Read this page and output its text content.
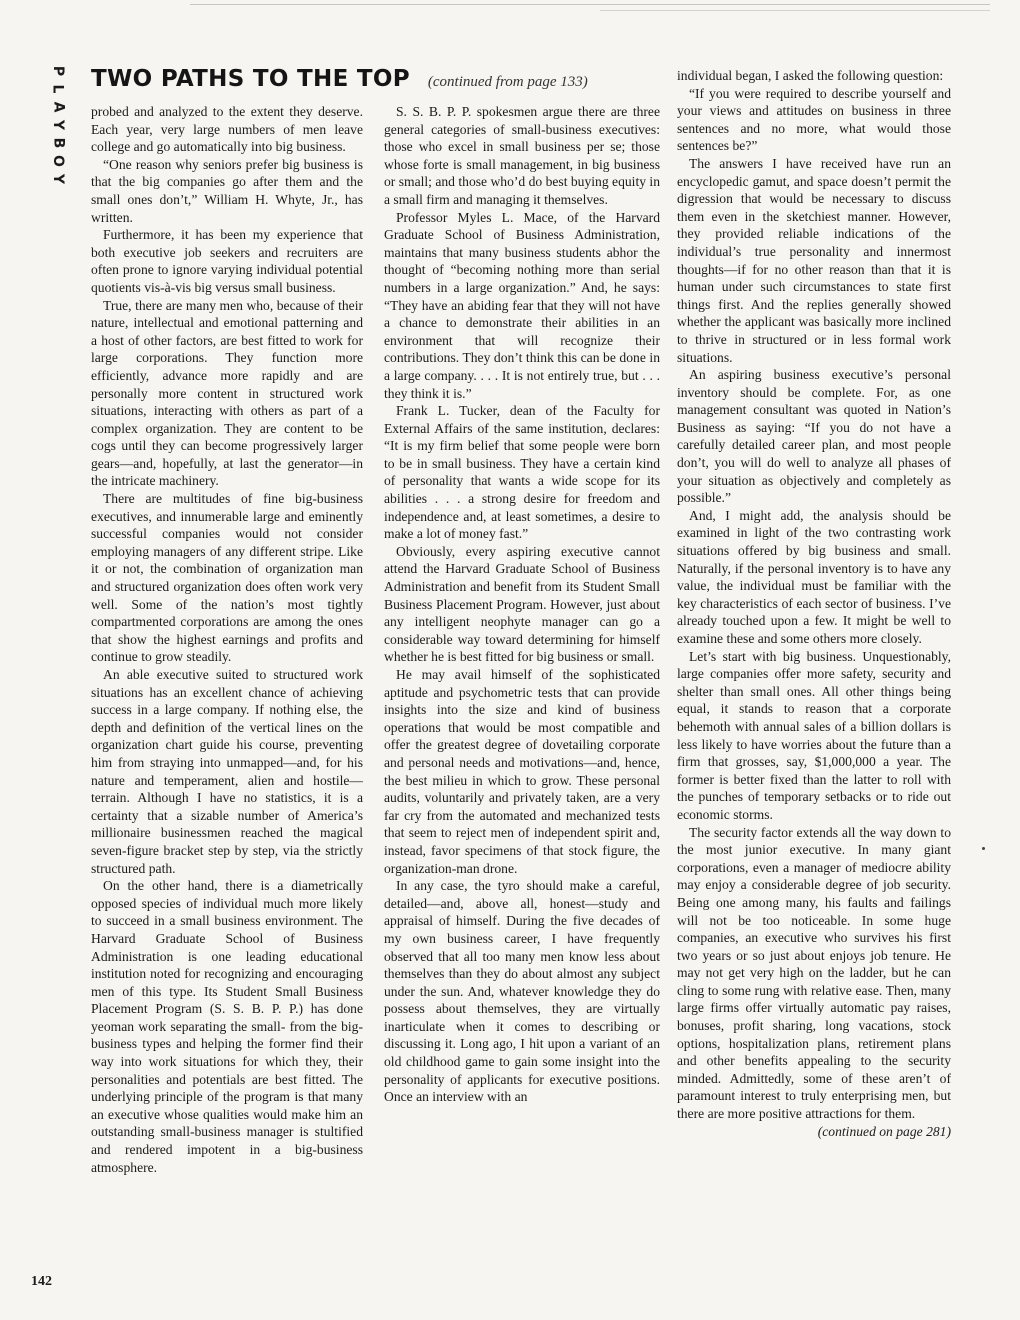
P
L
A
Y
B
O
Y
TWO PATHS TO THE TOP (continued from page 133)

probed and analyzed to the extent they deserve. Each year, very large numbers of men leave college and go automatically into big business.

“One reason why seniors prefer big business is that the big companies go after them and the small ones don’t,” William H. Whyte, Jr., has written.

Furthermore, it has been my experience that both executive job seekers and recruiters are often prone to ignore varying individual potential quotients vis-à-vis big versus small business.

True, there are many men who, because of their nature, intellectual and emotional patterning and a host of other factors, are best fitted to work for large corporations. They function more efficiently, advance more rapidly and are personally more content in structured work situations, interacting with others as part of a complex organization. They are content to be cogs until they can become progressively larger gears—and, hopefully, at last the generator—in the intricate machinery.

There are multitudes of fine big-business executives, and innumerable large and eminently successful companies would not consider employing managers of any different stripe. Like it or not, the combination of organization man and structured organization does often work very well. Some of the nation’s most tightly compartmented corporations are among the ones that show the highest earnings and profits and continue to grow steadily.

An able executive suited to structured work situations has an excellent chance of achieving success in a large company. If nothing else, the depth and definition of the vertical lines on the organization chart guide his course, preventing him from straying into unmapped—and, for his nature and temperament, alien and hostile—terrain. Although I have no statistics, it is a certainty that a sizable number of America’s millionaire businessmen reached the magical seven-figure bracket step by step, via the strictly structured path.

On the other hand, there is a diametrically opposed species of individual much more likely to succeed in a small business environment. The Harvard Graduate School of Business Administration is one leading educational institution noted for recognizing and encouraging men of this type. Its Student Small Business Placement Program (S. S. B. P. P.) has done yeoman work separating the small- from the big-business types and helping the former find their way into work situations for which they, their personalities and potentials are best fitted. The underlying principle of the program is that many an executive whose qualities would make him an outstanding small-business manager is stultified and rendered impotent in a big-business atmosphere.

S. S. B. P. P. spokesmen argue there are three general categories of small-business executives: those who excel in small business per se; those whose forte is small management, in big business or small; and those who’d do best buying equity in a small firm and managing it themselves.

Professor Myles L. Mace, of the Harvard Graduate School of Business Administration, maintains that many business students abhor the thought of “becoming nothing more than serial numbers in a large organization.” And, he says: “They have an abiding fear that they will not have a chance to demonstrate their abilities in an environment that will recognize their contributions. They don’t think this can be done in a large company. . . . It is not entirely true, but . . . they think it is.”

Frank L. Tucker, dean of the Faculty for External Affairs of the same institution, declares: “It is my firm belief that some people were born to be in small business. They have a certain kind of personality that wants a wide scope for its abilities . . . a strong desire for freedom and independence and, at least sometimes, a desire to make a lot of money fast.”

Obviously, every aspiring executive cannot attend the Harvard Graduate School of Business Administration and benefit from its Student Small Business Placement Program. However, just about any intelligent neophyte manager can go a considerable way toward determining for himself whether he is best fitted for big business or small.

He may avail himself of the sophisticated aptitude and psychometric tests that can provide insights into the size and kind of business operations that would be most compatible and offer the greatest degree of dovetailing corporate and personal needs and motivations—and, hence, the best milieu in which to grow. These personal audits, voluntarily and privately taken, are a very far cry from the automated and mechanized tests that seem to reject men of independent spirit and, instead, favor specimens of that stock figure, the organization-man drone.

In any case, the tyro should make a careful, detailed—and, above all, honest—study and appraisal of himself. During the five decades of my own business career, I have frequently observed that all too many men know less about themselves than they do about almost any subject under the sun. And, whatever knowledge they do possess about themselves, they are virtually inarticulate when it comes to describing or discussing it. Long ago, I hit upon a variant of an old childhood game to gain some insight into the personality of applicants for executive positions. Once an interview with an

individual began, I asked the following question:

“If you were required to describe yourself and your views and attitudes on business in three sentences and no more, what would those sentences be?”

The answers I have received have run an encyclopedic gamut, and space doesn’t permit the digression that would be necessary to discuss them even in the sketchiest manner. However, they provided reliable indications of the individual’s true personality and innermost thoughts—if for no other reason than that it is human under such circumstances to state first things first. And the replies generally showed whether the applicant was basically more inclined to thrive in structured or in less formal work situations.

An aspiring business executive’s personal inventory should be complete. For, as one management consultant was quoted in Nation’s Business as saying: “If you do not have a carefully detailed career plan, and most people don’t, you will do well to analyze all phases of your situation as objectively and completely as possible.”

And, I might add, the analysis should be examined in light of the two contrasting work situations offered by big business and small. Naturally, if the personal inventory is to have any value, the individual must be familiar with the key characteristics of each sector of business. I’ve already touched upon a few. It might be well to examine these and some others more closely.

Let’s start with big business. Unquestionably, large companies offer more safety, security and shelter than small ones. All other things being equal, it stands to reason that a corporate behemoth with annual sales of a billion dollars is less likely to have worries about the future than a firm that grosses, say, $1,000,000 a year. The former is better fixed than the latter to roll with the punches of temporary setbacks or to ride out economic storms.

The security factor extends all the way down to the most junior executive. In many giant corporations, even a manager of mediocre ability may enjoy a considerable degree of job security. Being one among many, his faults and failings will not be too noticeable. In some huge companies, an executive who survives his first two years or so just about enjoys job tenure. He may not get very high on the ladder, but he can cling to some rung with relative ease. Then, many large firms offer virtually automatic pay raises, bonuses, profit sharing, long vacations, stock options, hospitalization plans, retirement plans and other benefits appealing to the security minded. Admittedly, some of these aren’t of paramount interest to truly enterprising men, but there are more positive attractions for them.

(continued on page 281)

142
